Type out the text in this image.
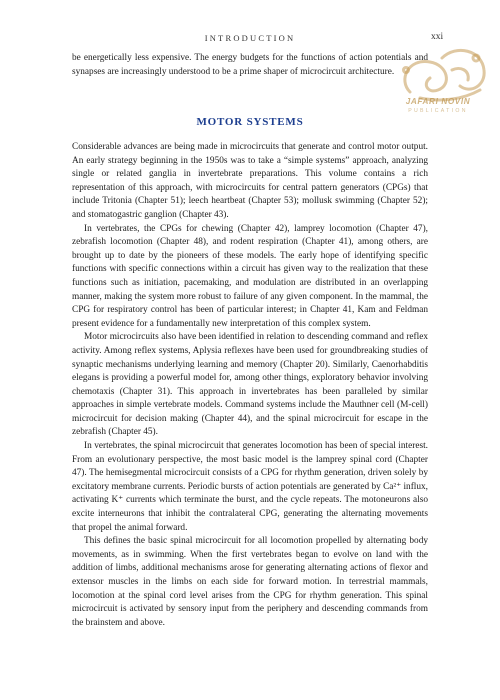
INTRODUCTION	xxi

be energetically less expensive. The energy budgets for the functions of action potentials and synapses are increasingly understood to be a prime shaper of microcircuit architecture.

MOTOR SYSTEMS

Considerable advances are being made in microcircuits that generate and control motor output. An early strategy beginning in the 1950s was to take a “simple systems” approach, analyzing single or related ganglia in invertebrate preparations. This volume contains a rich representation of this approach, with microcircuits for central pattern generators (CPGs) that include Tritonia (Chapter 51); leech heartbeat (Chapter 53); mollusk swimming (Chapter 52); and stomatogastric ganglion (Chapter 43).

In vertebrates, the CPGs for chewing (Chapter 42), lamprey locomotion (Chapter 47), zebrafish locomotion (Chapter 48), and rodent respiration (Chapter 41), among others, are brought up to date by the pioneers of these models. The early hope of identifying specific functions with specific connections within a circuit has given way to the realization that these functions such as initiation, pacemaking, and modulation are distributed in an overlapping manner, making the system more robust to failure of any given component. In the mammal, the CPG for respiratory control has been of particular interest; in Chapter 41, Kam and Feldman present evidence for a fundamentally new interpretation of this complex system.

Motor microcircuits also have been identified in relation to descending command and reflex activity. Among reflex systems, Aplysia reflexes have been used for groundbreaking studies of synaptic mechanisms underlying learning and memory (Chapter 20). Similarly, Caenorhabditis elegans is providing a powerful model for, among other things, exploratory behavior involving chemotaxis (Chapter 31). This approach in invertebrates has been paralleled by similar approaches in simple vertebrate models. Command systems include the Mauthner cell (M-cell) microcircuit for decision making (Chapter 44), and the spinal microcircuit for escape in the zebrafish (Chapter 45).

In vertebrates, the spinal microcircuit that generates locomotion has been of special interest. From an evolutionary perspective, the most basic model is the lamprey spinal cord (Chapter 47). The hemisegmental microcircuit consists of a CPG for rhythm generation, driven solely by excitatory membrane currents. Periodic bursts of action potentials are generated by Ca²⁺ influx, activating K⁺ currents which terminate the burst, and the cycle repeats. The motoneurons also excite interneurons that inhibit the contralateral CPG, generating the alternating movements that propel the animal forward.

This defines the basic spinal microcircuit for all locomotion propelled by alternating body movements, as in swimming. When the first vertebrates began to evolve on land with the addition of limbs, additional mechanisms arose for generating alternating actions of flexor and extensor muscles in the limbs on each side for forward motion. In terrestrial mammals, locomotion at the spinal cord level arises from the CPG for rhythm generation. This spinal microcircuit is activated by sensory input from the periphery and descending commands from the brainstem and above.

JAFARI NOVIN
PUBLICATION
